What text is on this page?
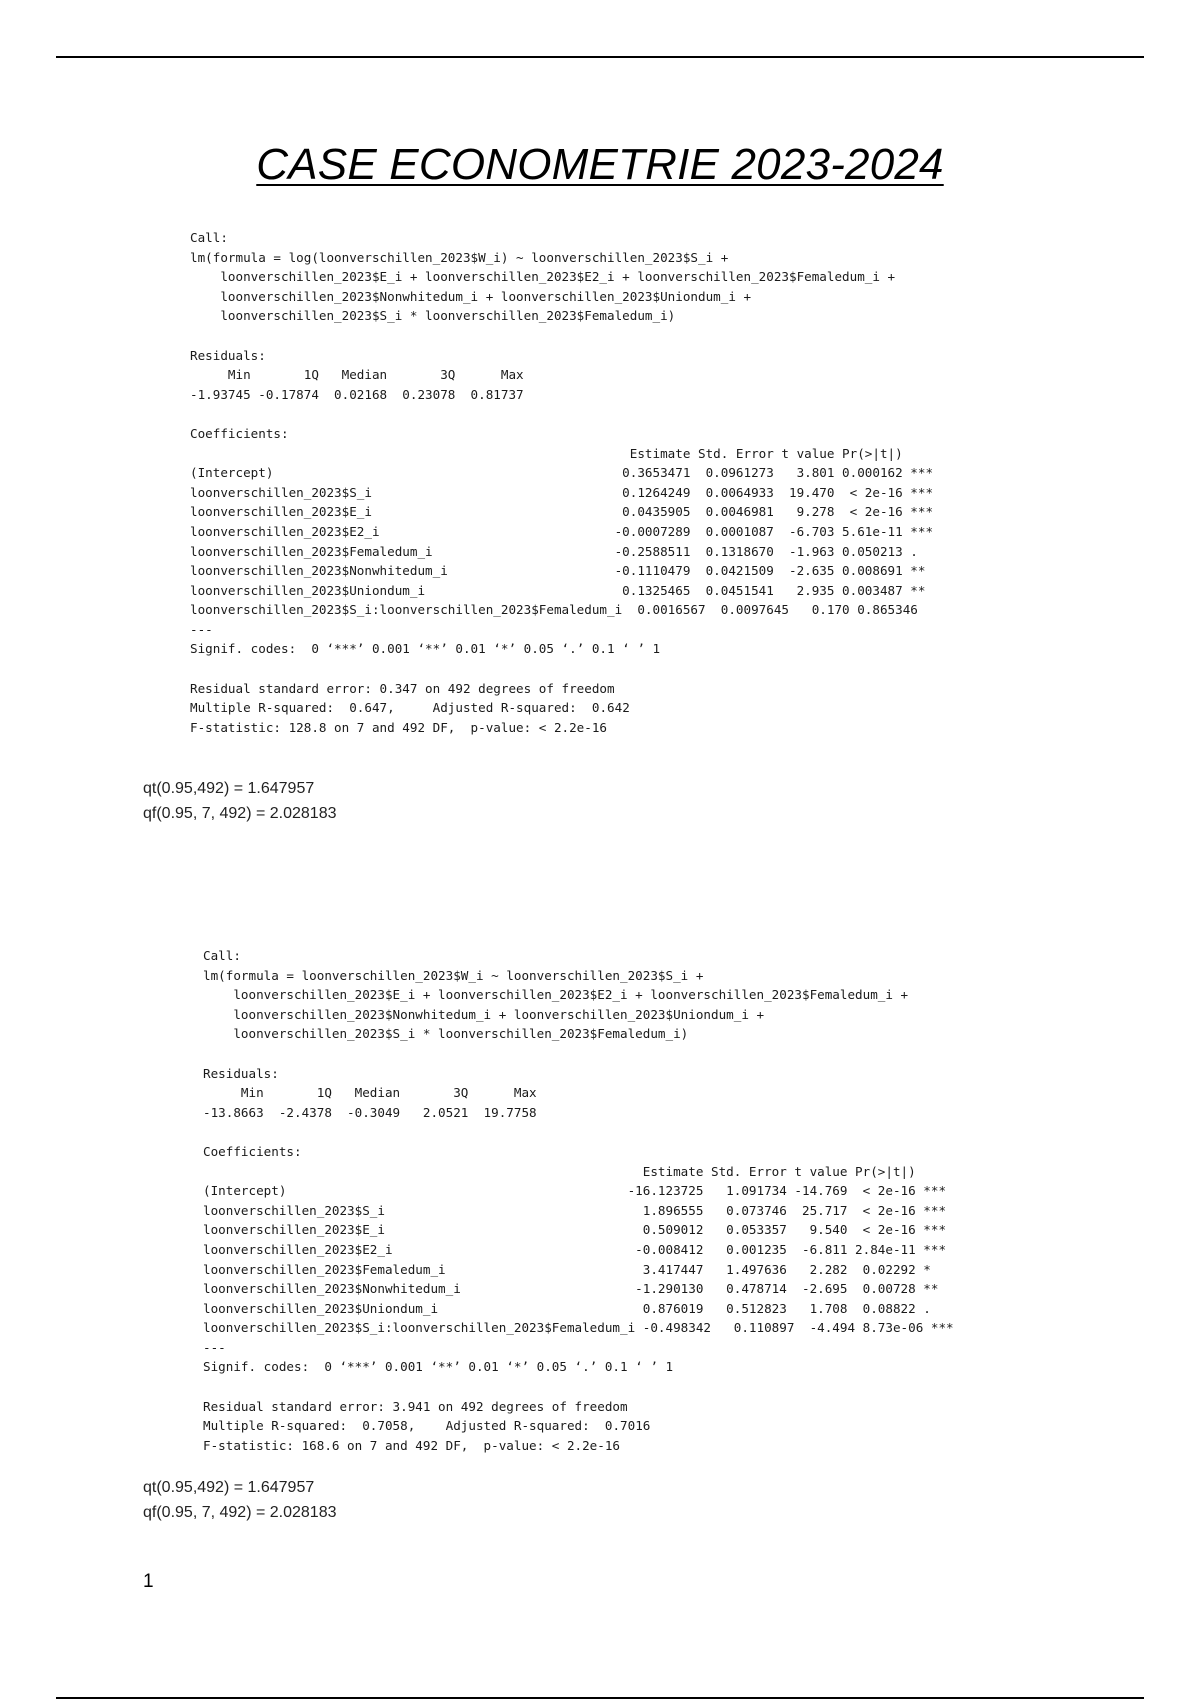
CASE ECONOMETRIE 2023-2024
Call:
lm(formula = log(loonverschillen_2023$W_i) ~ loonverschillen_2023$S_i +
loonverschillen_2023$E_i + loonverschillen_2023$E2_i + loonverschillen_2023$Femaledum_i +
loonverschillen_2023$Nonwhitedum_i + loonverschillen_2023$Uniondum_i +
loonverschillen_2023$S_i * loonverschillen_2023$Femaledum_i)

Residuals:
Min       1Q   Median       3Q      Max
-1.93745 -0.17874  0.02168  0.23078  0.81737

Coefficients:
Estimate Std. Error t value Pr(>|t|)
(Intercept)                                              0.3653471  0.0961273   3.801 0.000162 ***
loonverschillen_2023$S_i                                 0.1264249  0.0064933  19.470  < 2e-16 ***
loonverschillen_2023$E_i                                 0.0435905  0.0046981   9.278  < 2e-16 ***
loonverschillen_2023$E2_i                               -0.0007289  0.0001087  -6.703 5.61e-11 ***
loonverschillen_2023$Femaledum_i                        -0.2588511  0.1318670  -1.963 0.050213 .
loonverschillen_2023$Nonwhitedum_i                      -0.1110479  0.0421509  -2.635 0.008691 **
loonverschillen_2023$Uniondum_i                          0.1325465  0.0451541   2.935 0.003487 **
loonverschillen_2023$S_i:loonverschillen_2023$Femaledum_i  0.0016567  0.0097645   0.170 0.865346
---
Signif. codes:  0 ‘***’ 0.001 ‘**’ 0.01 ‘*’ 0.05 ‘.’ 0.1 ‘ ’ 1

Residual standard error: 0.347 on 492 degrees of freedom
Multiple R-squared:  0.647,	Adjusted R-squared:  0.642
F-statistic: 128.8 on 7 and 492 DF,  p-value: < 2.2e-16
qt(0.95,492) = 1.647957
qf(0.95, 7, 492) = 2.028183
Call:
lm(formula = loonverschillen_2023$W_i ~ loonverschillen_2023$S_i +
loonverschillen_2023$E_i + loonverschillen_2023$E2_i + loonverschillen_2023$Femaledum_i +
loonverschillen_2023$Nonwhitedum_i + loonverschillen_2023$Uniondum_i +
loonverschillen_2023$S_i * loonverschillen_2023$Femaledum_i)

Residuals:
Min       1Q   Median       3Q      Max
-13.8663  -2.4378  -0.3049   2.0521  19.7758

Coefficients:
Estimate Std. Error t value Pr(>|t|)
(Intercept)                                             -16.123725   1.091734 -14.769  < 2e-16 ***
loonverschillen_2023$S_i                                  1.896555   0.073746  25.717  < 2e-16 ***
loonverschillen_2023$E_i                                  0.509012   0.053357   9.540  < 2e-16 ***
loonverschillen_2023$E2_i                                -0.008412   0.001235  -6.811 2.84e-11 ***
loonverschillen_2023$Femaledum_i                          3.417447   1.497636   2.282  0.02292 *
loonverschillen_2023$Nonwhitedum_i                       -1.290130   0.478714  -2.695  0.00728 **
loonverschillen_2023$Uniondum_i                           0.876019   0.512823   1.708  0.08822 .
loonverschillen_2023$S_i:loonverschillen_2023$Femaledum_i -0.498342   0.110897  -4.494 8.73e-06 ***
---
Signif. codes:  0 ‘***’ 0.001 ‘**’ 0.01 ‘*’ 0.05 ‘.’ 0.1 ‘ ’ 1

Residual standard error: 3.941 on 492 degrees of freedom
Multiple R-squared:  0.7058,	Adjusted R-squared:  0.7016
F-statistic: 168.6 on 7 and 492 DF,  p-value: < 2.2e-16
qt(0.95,492) = 1.647957
qf(0.95, 7, 492) = 2.028183
1
